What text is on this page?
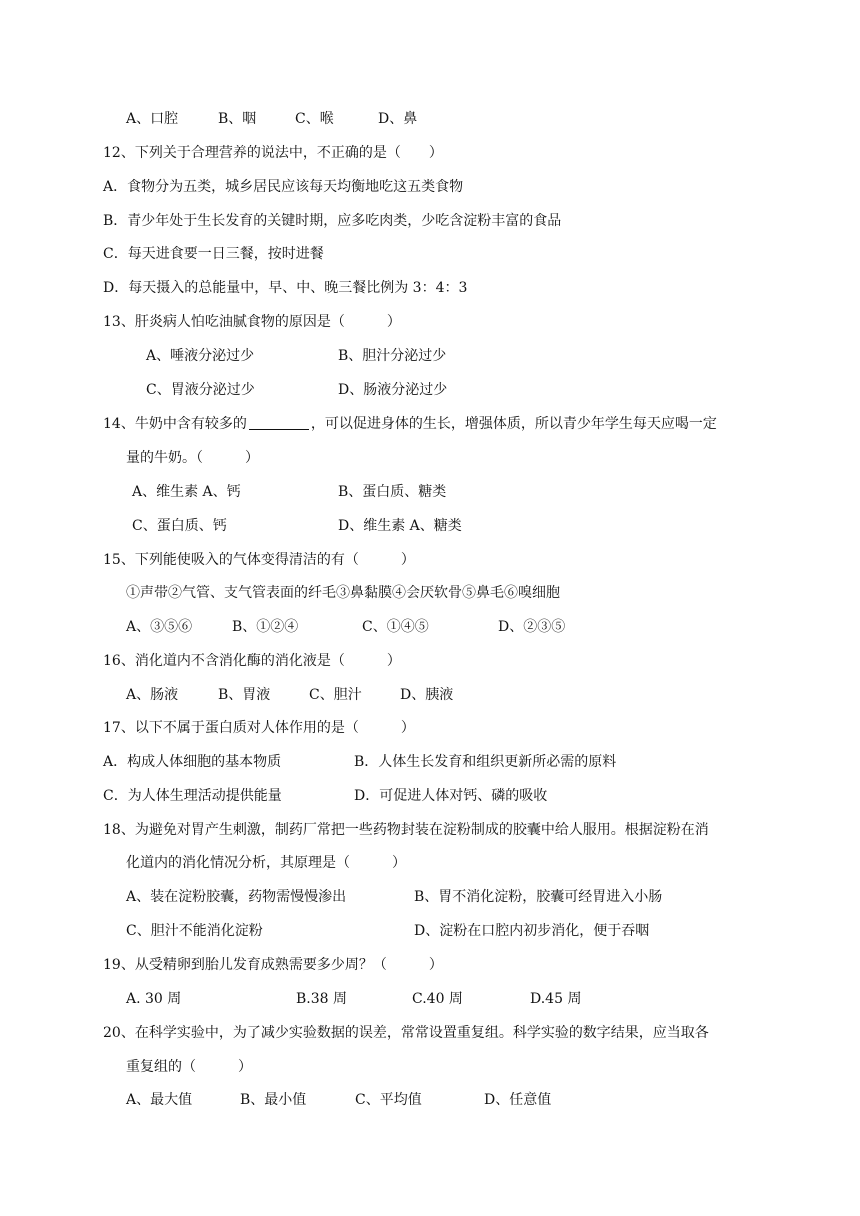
A、口腔	B、咽	C、喉	D、鼻
12、下列关于合理营养的说法中，不正确的是（　　）
A．食物分为五类，城乡居民应该每天均衡地吃这五类食物
B．青少年处于生长发育的关键时期，应多吃肉类，少吃含淀粉丰富的食品
C．每天进食要一日三餐，按时进餐
D．每天摄入的总能量中，早、中、晚三餐比例为 3：4：3
13、肝炎病人怕吃油腻食物的原因是（　　　）
A、唾液分泌过少	B、胆汁分泌过少
C、胃液分泌过少	D、肠液分泌过少
14、牛奶中含有较多的	，可以促进身体的生长，增强体质，所以青少年学生每天应喝一定
量的牛奶。（　　　）
A、维生素 A、钙	B、蛋白质、糖类
C、蛋白质、钙	D、维生素 A、糖类
15、下列能使吸入的气体变得清洁的有（　　　）
①声带②气管、支气管表面的纤毛③鼻黏膜④会厌软骨⑤鼻毛⑥嗅细胞
A、③⑤⑥	B、①②④	C、①④⑤	D、②③⑤
16、消化道内不含消化酶的消化液是（　　　）
A、肠液	B、胃液	C、胆汁	D、胰液
17、以下不属于蛋白质对人体作用的是（　　　）
A．构成人体细胞的基本物质	B．人体生长发育和组织更新所必需的原料
C．为人体生理活动提供能量	D．可促进人体对钙、磷的吸收
18、为避免对胃产生刺激，制药厂常把一些药物封装在淀粉制成的胶囊中给人服用。根据淀粉在消
化道内的消化情况分析，其原理是（　　　）
A、装在淀粉胶囊，药物需慢慢渗出	B、胃不消化淀粉，胶囊可经胃进入小肠
C、胆汁不能消化淀粉	D、淀粉在口腔内初步消化，便于吞咽
19、从受精卵到胎儿发育成熟需要多少周？（　　　）
A. 30 周	B.38 周	C.40 周	D.45 周
20、在科学实验中，为了减少实验数据的误差，常常设置重复组。科学实验的数字结果，应当取各
重复组的（　　　）
A、最大值	B、最小值	C、平均值	D、任意值
